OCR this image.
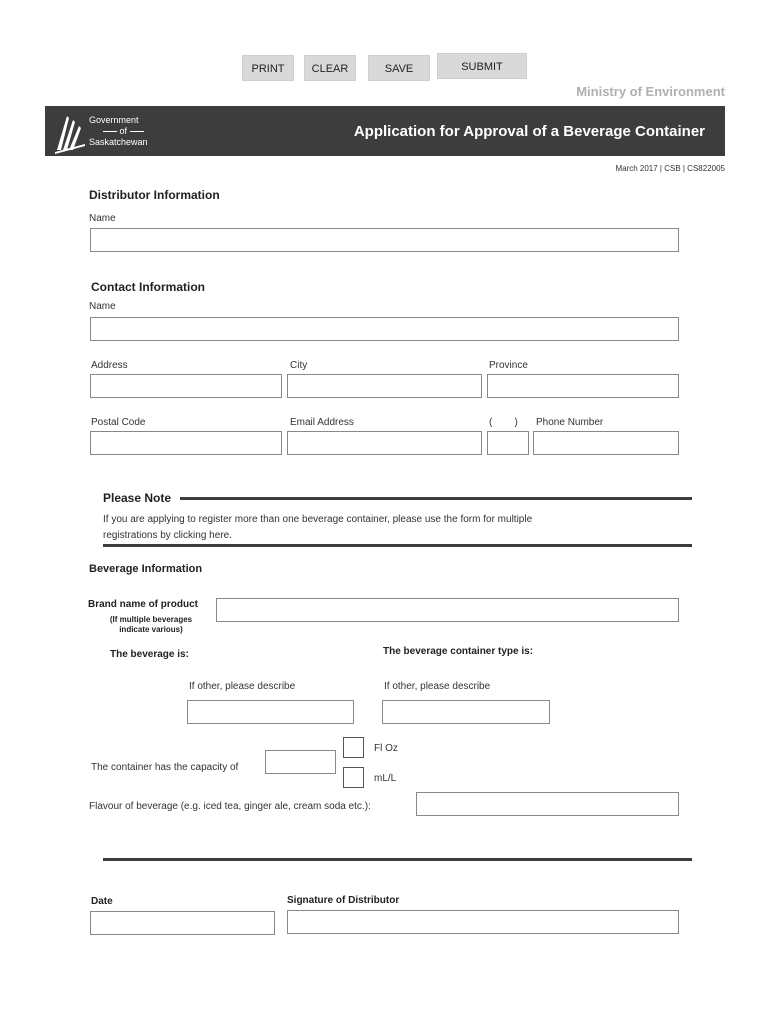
PRINT	CLEAR	SAVE	SUBMIT
Ministry of Environment
Government
of
Saskatchewan
Application for Approval of a Beverage Container
March 2017 | CSB | CS822005
Distributor Information
Name
Contact Information
Name
Address	City	Province
Postal Code	Email Address	(        ) Phone Number
Please Note
If you are applying to register more than one beverage container, please use the form for multiple registrations by clicking here.
Beverage Information
Brand name of product
(If multiple beverages indicate various)
The beverage is:	The beverage container type is:
If other, please describe	If other, please describe
The container has the capacity of
Fl Oz
mL/L
Flavour of beverage (e.g. iced tea, ginger ale, cream soda etc.):
Date	Signature of Distributor
